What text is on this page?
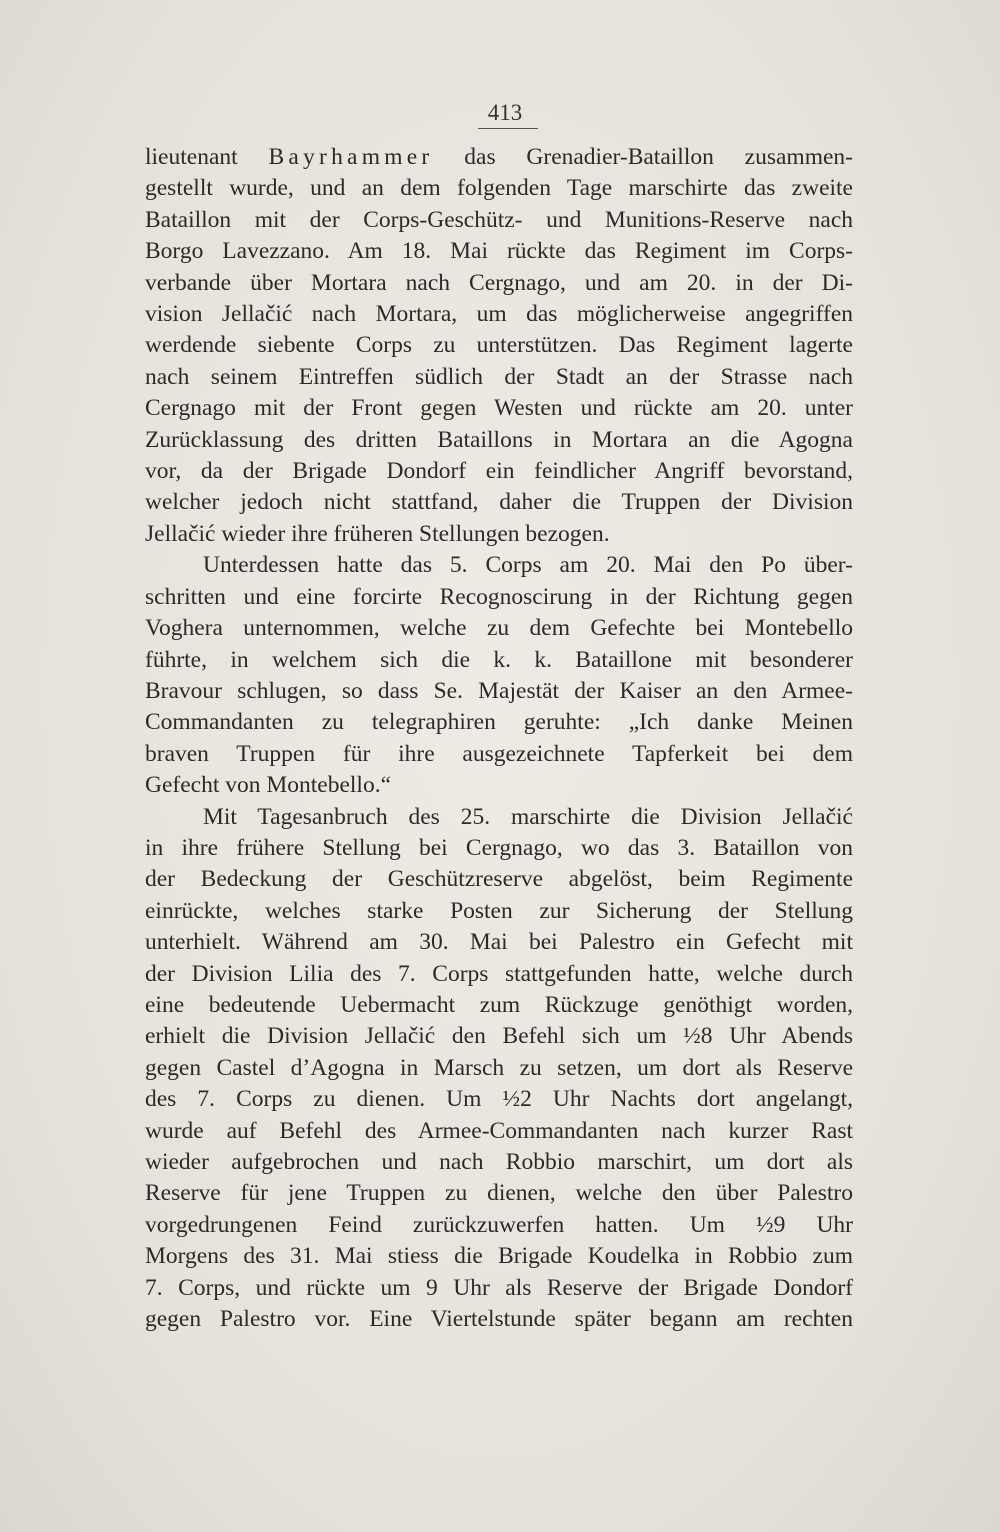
413
lieutenant Bayrhammer das Grenadier-Bataillon zusammen-
gestellt wurde, und an dem folgenden Tage marschirte das zweite
Bataillon mit der Corps-Geschütz- und Munitions-Reserve nach
Borgo Lavezzano. Am 18. Mai rückte das Regiment im Corps-
verbande über Mortara nach Cergnago, und am 20. in der Di-
vision Jellačić nach Mortara, um das möglicherweise angegriffen
werdende siebente Corps zu unterstützen. Das Regiment lagerte
nach seinem Eintreffen südlich der Stadt an der Strasse nach
Cergnago mit der Front gegen Westen und rückte am 20. unter
Zurücklassung des dritten Bataillons in Mortara an die Agogna
vor, da der Brigade Dondorf ein feindlicher Angriff bevorstand,
welcher jedoch nicht stattfand, daher die Truppen der Division
Jellačić wieder ihre früheren Stellungen bezogen.
Unterdessen hatte das 5. Corps am 20. Mai den Po über-
schritten und eine forcirte Recognoscirung in der Richtung gegen
Voghera unternommen, welche zu dem Gefechte bei Montebello
führte, in welchem sich die k. k. Bataillone mit besonderer
Bravour schlugen, so dass Se. Majestät der Kaiser an den Armee-
Commandanten zu telegraphiren geruhte: „Ich danke Meinen
braven Truppen für ihre ausgezeichnete Tapferkeit bei dem
Gefecht von Montebello.“
Mit Tagesanbruch des 25. marschirte die Division Jellačić
in ihre frühere Stellung bei Cergnago, wo das 3. Bataillon von
der Bedeckung der Geschützreserve abgelöst, beim Regimente
einrückte, welches starke Posten zur Sicherung der Stellung
unterhielt. Während am 30. Mai bei Palestro ein Gefecht mit
der Division Lilia des 7. Corps stattgefunden hatte, welche durch
eine bedeutende Uebermacht zum Rückzuge genöthigt worden,
erhielt die Division Jellačić den Befehl sich um ½8 Uhr Abends
gegen Castel d’Agogna in Marsch zu setzen, um dort als Reserve
des 7. Corps zu dienen. Um ½2 Uhr Nachts dort angelangt,
wurde auf Befehl des Armee-Commandanten nach kurzer Rast
wieder aufgebrochen und nach Robbio marschirt, um dort als
Reserve für jene Truppen zu dienen, welche den über Palestro
vorgedrungenen Feind zurückzuwerfen hatten. Um ½9 Uhr
Morgens des 31. Mai stiess die Brigade Koudelka in Robbio zum
7. Corps, und rückte um 9 Uhr als Reserve der Brigade Dondorf
gegen Palestro vor. Eine Viertelstunde später begann am rechten
